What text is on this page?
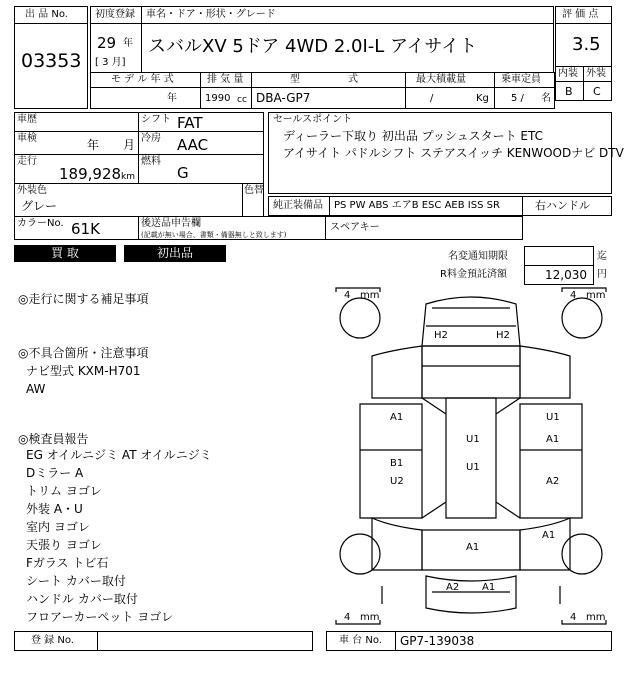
出 品 No.
03353
初度登録
29 年
[ 3 月]
車名・ドア・形状・グレード
スバルXV 5ドア 4WD 2.0I-L アイサイト
評 価 点
3.5
内装 外装
B C
モ デ ル 年 式
年
排 気 量
1990 cc
型	式
DBA-GP7
最大積載量
/	Kg
乗車定員
5 / 名
車歴	シフト FAT
車検	年 月 冷房 AAC
走行
189,928 km
燃料
G
外装色
グレー
色替
カラーNo. 61K	後送品申告欄
(記載が無い場合、書類・備器無しと致します)
スペアキー
セールスポイント
ディーラー下取り 初出品 プッシュスタート ETC
アイサイト パドルシフト ステアスイッチ KENWOODナビ DTV
純正装備品 PS PW ABS エアB ESC AEB ISS SR	右ハンドル
買 取	初出品	名変通知期限	迄
R料金預託済額	12,030 円
◎走行に関する補足事項
◎不具合箇所・注意事項
ナビ型式 KXM-H701
AW
◎検査員報告
EG オイルニジミ AT オイルニジミ
Dミラー A
トリム ヨゴレ
外装 A・U
室内 ヨゴレ
天張り ヨゴレ
Fガラス トビ石
シート カバー取付
ハンドル カバー取付
フロアーカーペット ヨゴレ
4 mm	4 mm
4 mm	4 mm
H2	H2
A1	U1
U1	A1
U1
B1
U2	A2
A1
A1
A2 A1
登 録 No.	車 台 No. GP7-139038
